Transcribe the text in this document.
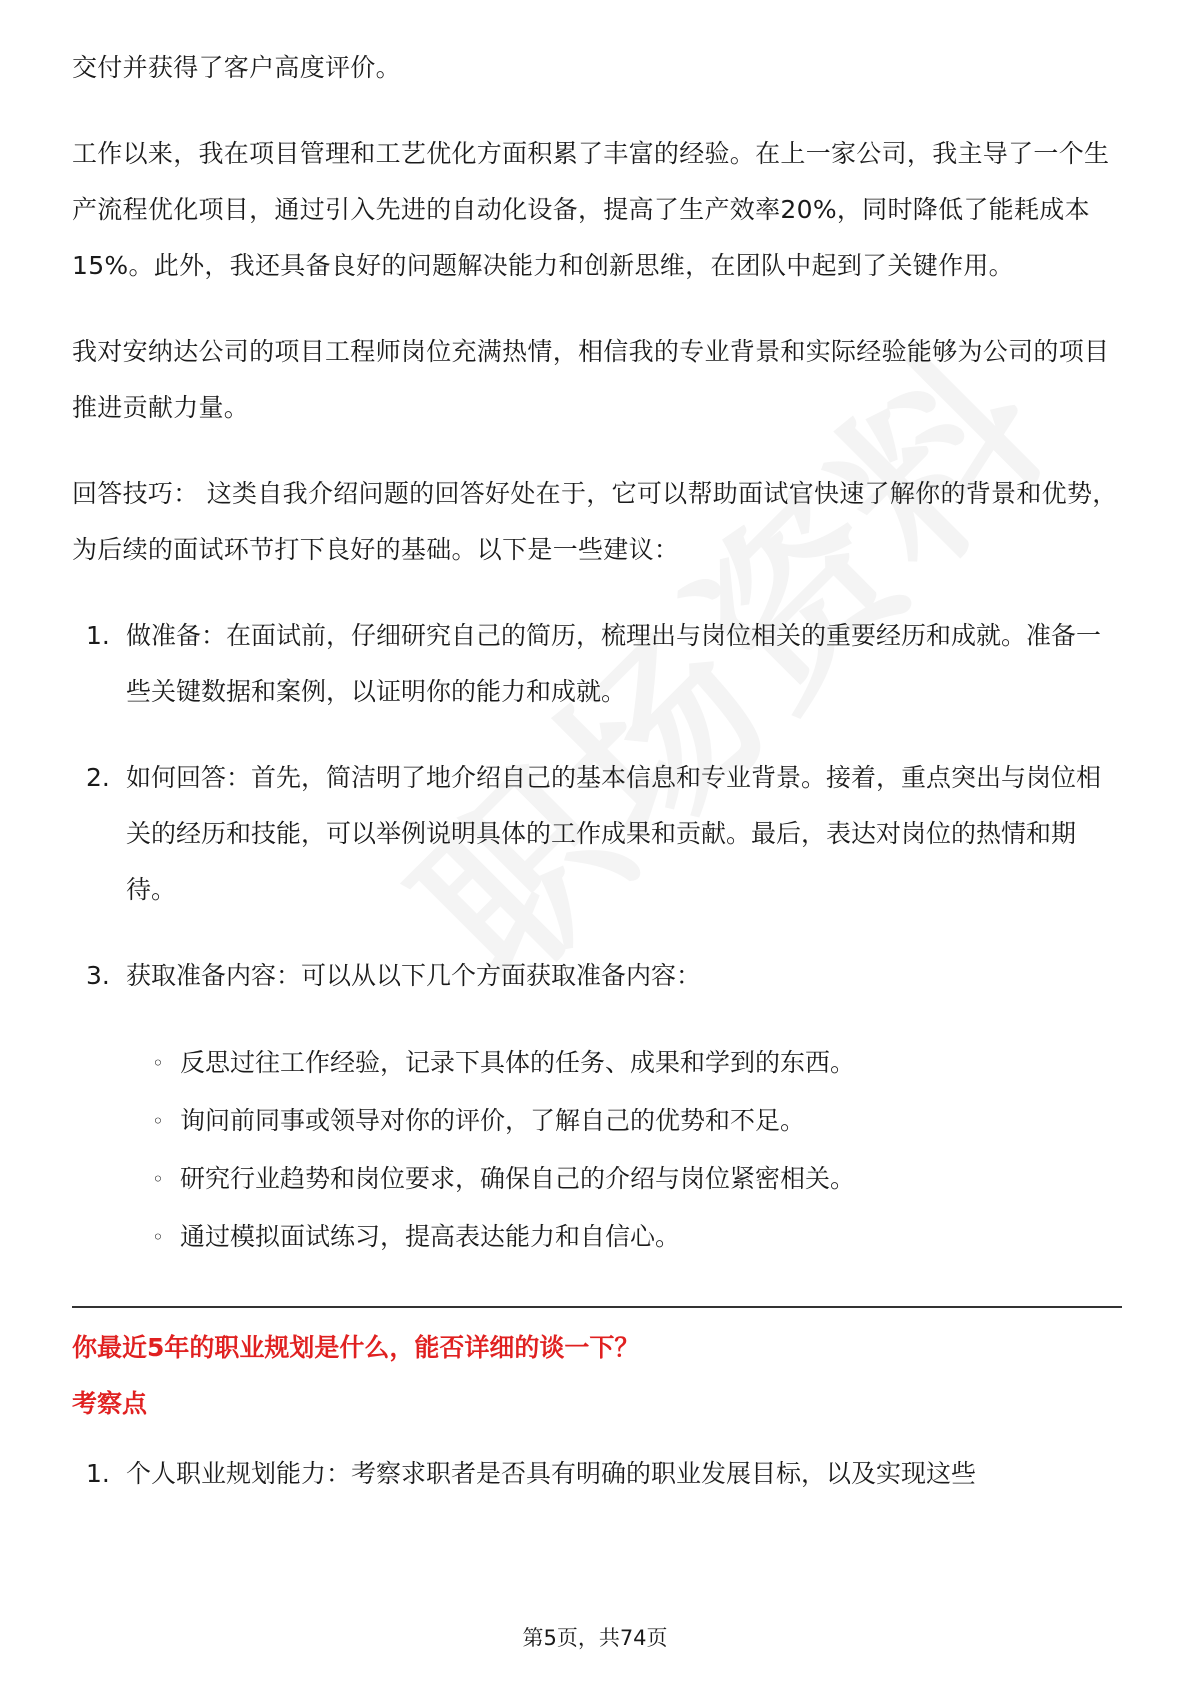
交付并获得了客户高度评价。

工作以来，我在项目管理和工艺优化方面积累了丰富的经验。在上一家公司，我主导了一个生产流程优化项目，通过引入先进的自动化设备，提高了生产效率20%，同时降低了能耗成本15%。此外，我还具备良好的问题解决能力和创新思维，在团队中起到了关键作用。

我对安纳达公司的项目工程师岗位充满热情，相信我的专业背景和实际经验能够为公司的项目推进贡献力量。

回答技巧： 这类自我介绍问题的回答好处在于，它可以帮助面试官快速了解你的背景和优势，为后续的面试环节打下良好的基础。以下是一些建议：

1. 做准备：在面试前，仔细研究自己的简历，梳理出与岗位相关的重要经历和成就。准备一些关键数据和案例，以证明你的能力和成就。
2. 如何回答：首先，简洁明了地介绍自己的基本信息和专业背景。接着，重点突出与岗位相关的经历和技能，可以举例说明具体的工作成果和贡献。最后，表达对岗位的热情和期待。
3. 获取准备内容：可以从以下几个方面获取准备内容：
◦ 反思过往工作经验，记录下具体的任务、成果和学到的东西。
◦ 询问前同事或领导对你的评价，了解自己的优势和不足。
◦ 研究行业趋势和岗位要求，确保自己的介绍与岗位紧密相关。
◦ 通过模拟面试练习，提高表达能力和自信心。

你最近5年的职业规划是什么，能否详细的谈一下？

考察点

1. 个人职业规划能力：考察求职者是否具有明确的职业发展目标，以及实现这些
第5页，共74页
